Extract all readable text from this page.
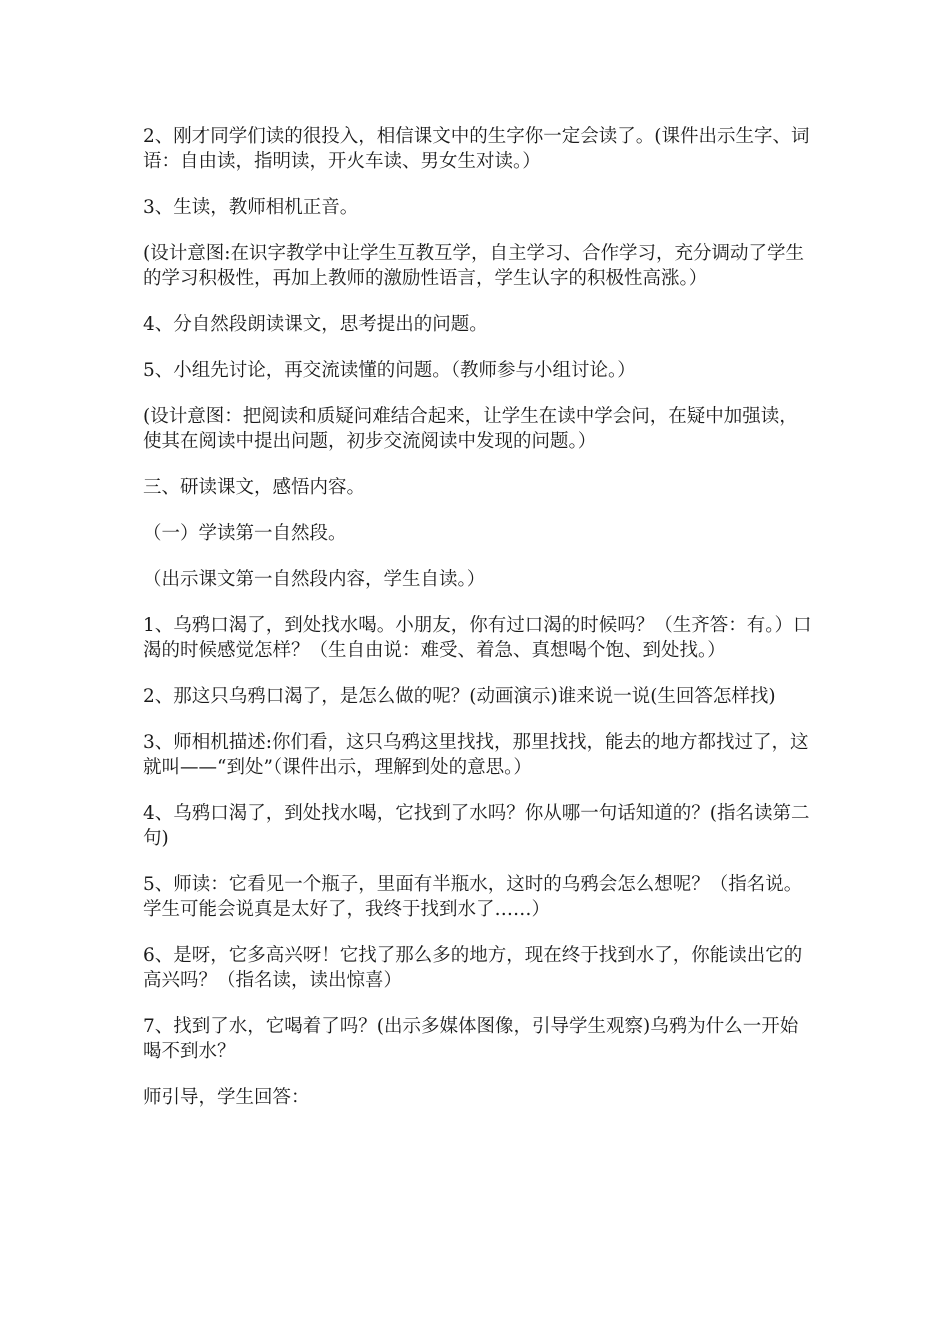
2、刚才同学们读的很投入，相信课文中的生字你一定会读了。(课件出示生字、词语：自由读，指明读，开火车读、男女生对读。）

3、生读，教师相机正音。

(设计意图:在识字教学中让学生互教互学，自主学习、合作学习，充分调动了学生的学习积极性，再加上教师的激励性语言，学生认字的积极性高涨。）

4、分自然段朗读课文，思考提出的问题。

5、小组先讨论，再交流读懂的问题。（教师参与小组讨论。）

(设计意图：把阅读和质疑问难结合起来，让学生在读中学会问，在疑中加强读，使其在阅读中提出问题，初步交流阅读中发现的问题。）

三、研读课文，感悟内容。

（一）学读第一自然段。

（出示课文第一自然段内容，学生自读。）

1、乌鸦口渴了，到处找水喝。小朋友，你有过口渴的时候吗？（生齐答：有。）口渴的时候感觉怎样？（生自由说：难受、着急、真想喝个饱、到处找。）

2、那这只乌鸦口渴了，是怎么做的呢？(动画演示)谁来说一说(生回答怎样找)

3、师相机描述:你们看，这只乌鸦这里找找，那里找找，能去的地方都找过了，这就叫——“到处”（课件出示，理解到处的意思。）

4、乌鸦口渴了，到处找水喝，它找到了水吗？你从哪一句话知道的？(指名读第二句)

5、师读：它看见一个瓶子，里面有半瓶水，这时的乌鸦会怎么想呢？（指名说。学生可能会说真是太好了，我终于找到水了……）

6、是呀，它多高兴呀！它找了那么多的地方，现在终于找到水了，你能读出它的高兴吗？（指名读，读出惊喜）

7、找到了水，它喝着了吗？(出示多媒体图像，引导学生观察)乌鸦为什么一开始喝不到水？

师引导，学生回答：
